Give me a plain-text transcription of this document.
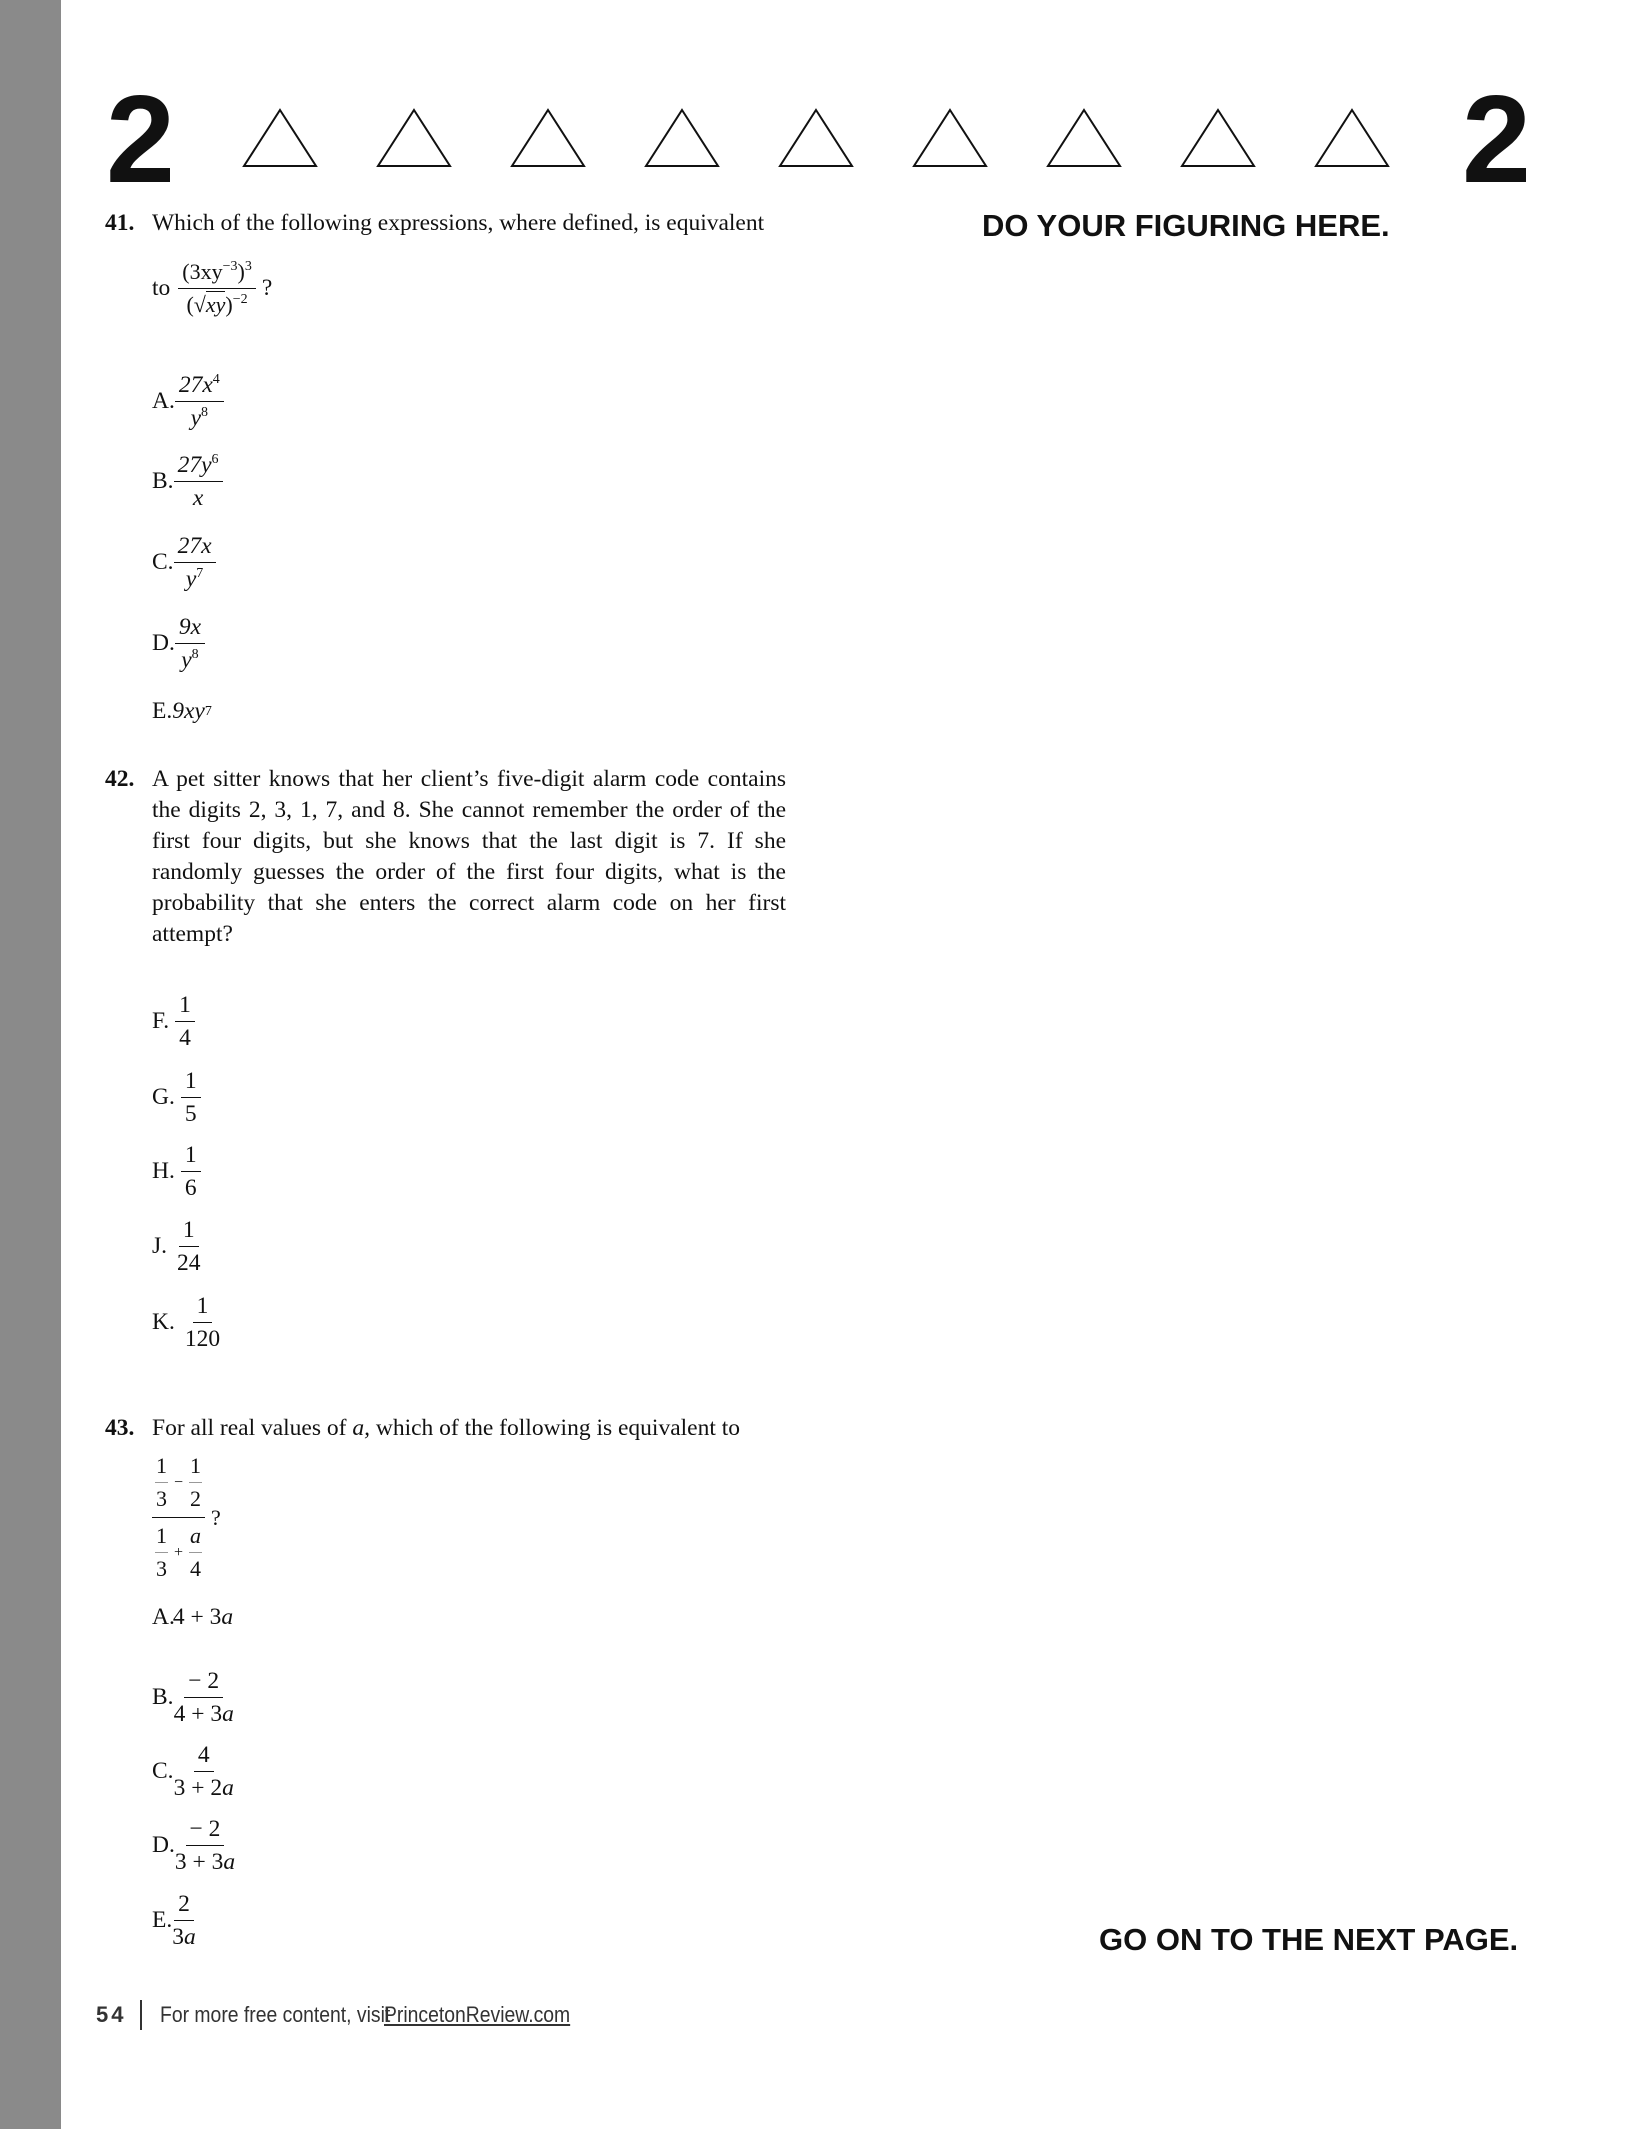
2	2
DO YOUR FIGURING HERE.
41. Which of the following expressions, where defined, is equivalent
to $\frac{(3xy^{-3})^3}{(√xy)^{-2}}$ ?
A. $\frac{27x^4}{y^8}$
B. $\frac{27y^6}{x}$
C. $\frac{27x}{y^7}$
D. $\frac{9x}{y^8}$
E. 9xy 7
42. A pet sitter knows that her client’s five-digit alarm code contains the digits 2, 3, 1, 7, and 8. She cannot remember the order of the first four digits, but she knows that the last digit is 7. If she randomly guesses the order of the first four digits, what is the probability that she enters the correct alarm code on her first attempt?
F. $\frac{1}{4}$
G. $\frac{1}{5}$
H. $\frac{1}{6}$
J. $\frac{1}{24}$
K. $\frac{1}{120}$
43. For all real values of a, which of the following is equivalent to
1
3
− $\frac{1}{2}$
1
3
+ $\frac{a}{4}$ ?
A.
4 + 3 a
B.
$\frac{- 2}{4 + 3a}$
C.
$\frac{4}{3 + 2a}$
D.
$\frac{- 2}{3 + 3a}$
E.
$\frac{2}{3a}$	GO ON TO THE NEXT PAGE.
54 For more free content, visit
PrincetonReview.com
